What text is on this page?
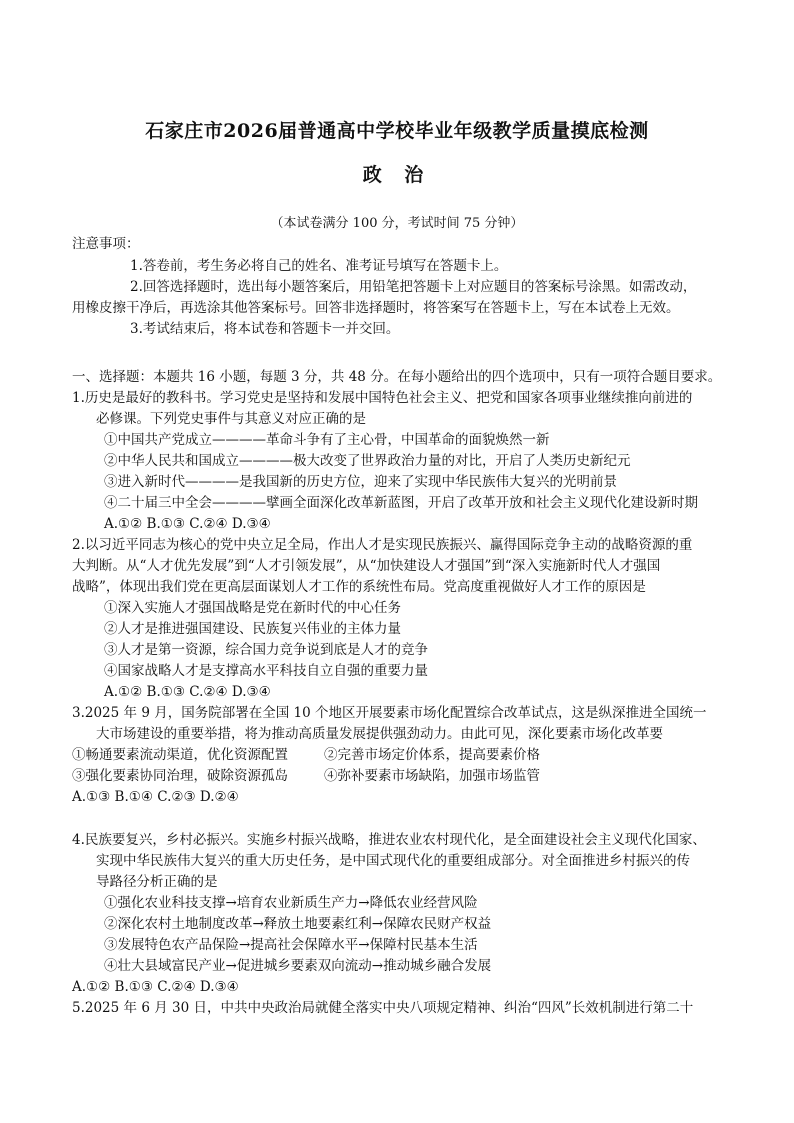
石家庄市2026届普通高中学校毕业年级教学质量摸底检测
政 治
（本试卷满分 100 分，考试时间 75 分钟）
注意事项：
1.答卷前，考生务必将自己的姓名、准考证号填写在答题卡上。
2.回答选择题时，选出每小题答案后，用铅笔把答题卡上对应题目的答案标号涂黑。如需改动，
用橡皮擦干净后，再选涂其他答案标号。回答非选择题时，将答案写在答题卡上，写在本试卷上无效。
3.考试结束后，将本试卷和答题卡一并交回。
一、选择题：本题共 16 小题，每题 3 分，共 48 分。在每小题给出的四个选项中，只有一项符合题目要求。
1.历史是最好的教科书。学习党史是坚持和发展中国特色社会主义、把党和国家各项事业继续推向前进的
必修课。下列党史事件与其意义对应正确的是
①中国共产党成立————革命斗争有了主心骨，中国革命的面貌焕然一新
②中华人民共和国成立————极大改变了世界政治力量的对比，开启了人类历史新纪元
③进入新时代————是我国新的历史方位，迎来了实现中华民族伟大复兴的光明前景
④二十届三中全会————擘画全面深化改革新蓝图，开启了改革开放和社会主义现代化建设新时期
A.①② B.①③ C.②④ D.③④
2.以习近平同志为核心的党中央立足全局，作出人才是实现民族振兴、赢得国际竞争主动的战略资源的重
大判断。从“人才优先发展”到“人才引领发展”，从“加快建设人才强国”到“深入实施新时代人才强国
战略”，体现出我们党在更高层面谋划人才工作的系统性布局。党高度重视做好人才工作的原因是
①深入实施人才强国战略是党在新时代的中心任务
②人才是推进强国建设、民族复兴伟业的主体力量
③人才是第一资源，综合国力竞争说到底是人才的竞争
④国家战略人才是支撑高水平科技自立自强的重要力量
A.①② B.①③ C.②④ D.③④
3.2025 年 9 月，国务院部署在全国 10 个地区开展要素市场化配置综合改革试点，这是纵深推进全国统一
大市场建设的重要举措，将为推动高质量发展提供强劲动力。由此可见，深化要素市场化改革要
①畅通要素流动渠道，优化资源配置	②完善市场定价体系，提高要素价格
③强化要素协同治理，破除资源孤岛	④弥补要素市场缺陷，加强市场监管
A.①③ B.①④ C.②③ D.②④
4.民族要复兴，乡村必振兴。实施乡村振兴战略，推进农业农村现代化，是全面建设社会主义现代化国家、
实现中华民族伟大复兴的重大历史任务，是中国式现代化的重要组成部分。对全面推进乡村振兴的传
导路径分析正确的是
①强化农业科技支撑→培育农业新质生产力→降低农业经营风险
②深化农村土地制度改革→释放土地要素红利→保障农民财产权益
③发展特色农产品保险→提高社会保障水平→保障村民基本生活
④壮大县域富民产业→促进城乡要素双向流动→推动城乡融合发展
A.①② B.①③ C.②④ D.③④
5.2025 年 6 月 30 日，中共中央政治局就健全落实中央八项规定精神、纠治“四风”长效机制进行第二十
